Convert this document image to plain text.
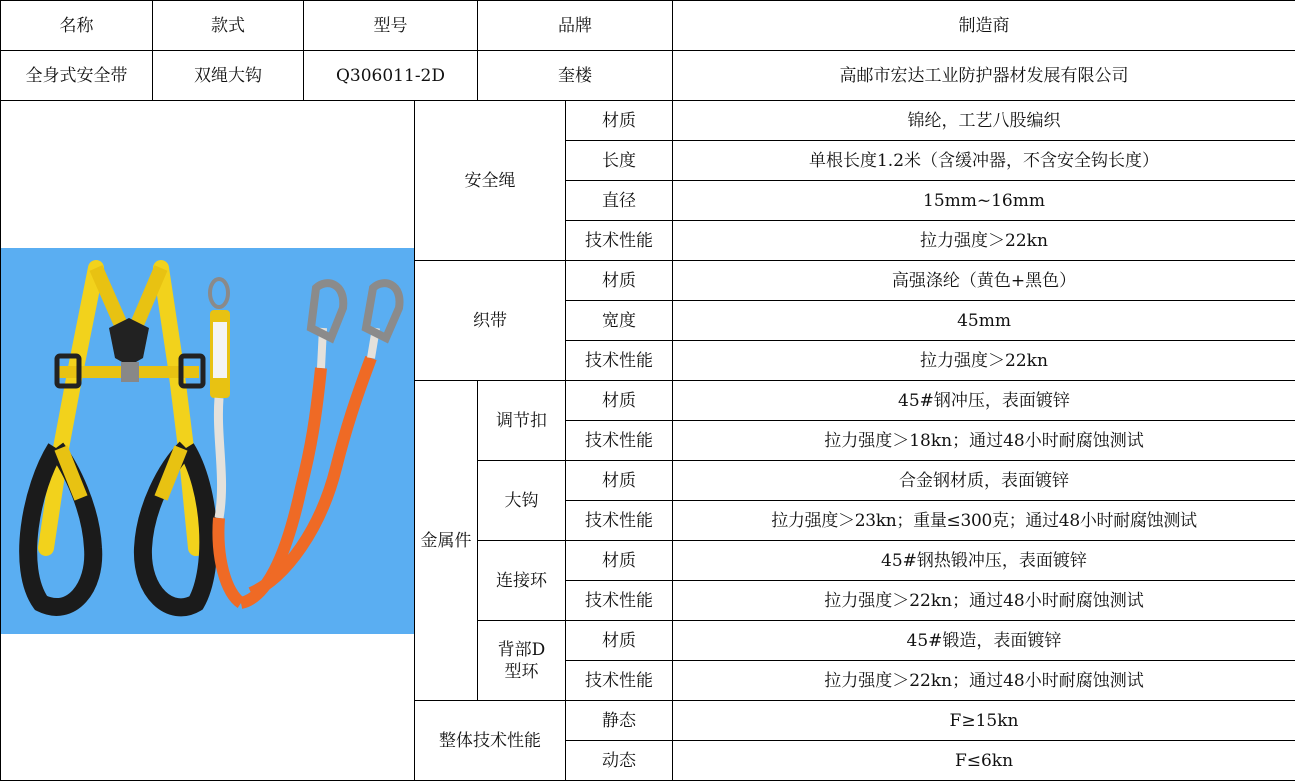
名称	款式	型号		品牌		制造商
全身式安全带	双绳大钩	Q306011-2D		奎楼		高邮市宏达工业防护器材发展有限公司

	安全绳		材质	锦纶，工艺八股编织
					长度	单根长度1.2米（含缓冲器，不含安全钩长度）
					直径	15mm~16mm
					技术性能	拉力强度＞22kn
			织带		材质	高强涤纶（黄色+黑色）
					宽度	45mm
					技术性能	拉力强度＞22kn
			金属件	调节扣	材质	45#钢冲压，表面镀锌
					技术性能	拉力强度＞18kn；通过48小时耐腐蚀测试
				大钩	材质	合金钢材质，表面镀锌
					技术性能	拉力强度＞23kn；重量≤300克；通过48小时耐腐蚀测试
				连接环	材质	45#钢热锻冲压，表面镀锌
					技术性能	拉力强度＞22kn；通过48小时耐腐蚀测试
				背部D型环	材质	45#锻造，表面镀锌
					技术性能	拉力强度＞22kn；通过48小时耐腐蚀测试
			整体技术性能		静态	F≥15kn
					动态	F≤6kn
